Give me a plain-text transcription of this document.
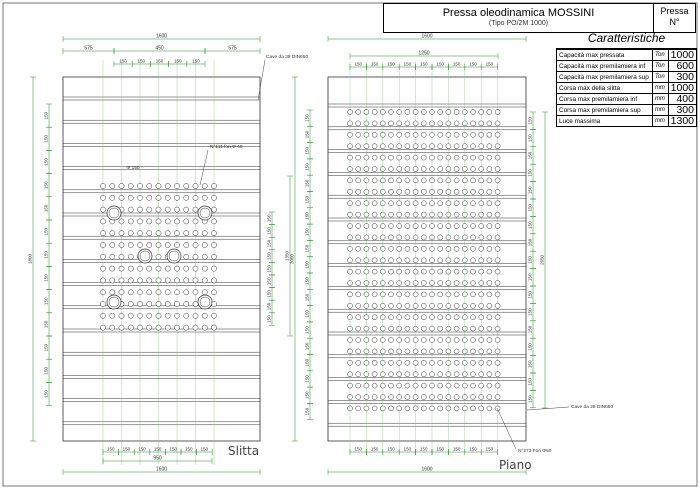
1600
575	450	575
150 150 150 150 150
Cave da 28 DIN650
N°111 fori Φ 40
Φ 150
1800
150
150
150
150
150
150
150
150
150
150
150
150
150
1350
150
150
150
150
150
150
150
150
150
150 150 150 150 150 150 150
950
1600
1600
1250
150 150 150 150 150 150 150 150 150
3000
150
150
150
150
150
150
150
150
150
150
150
150
150
150
150
150
150
150
150
2650
150
150
150
150
150
150
150
150
150
150
150
150
150
150
150
150
150
150 150 150 150 150 150 150 150 150
1600
Cave da 28 DIN650
N°273 Fori Φ50
Pressa oleodinamica MOSSINI
(Tipo PO/2M 1000)
Pressa
N°
Caratteristiche
Capacità max pressata	Ton	1000
Capacità max premilamiera inf	Ton	600
Capacità max premilamiera sup	Ton	300
Corsa max della slitta	mm	1000
Corsa max premilamiera inf	mm	400
Corsa max premilamiera sup	mm	300
Luce massima	mm	1300
Slitta
Piano
